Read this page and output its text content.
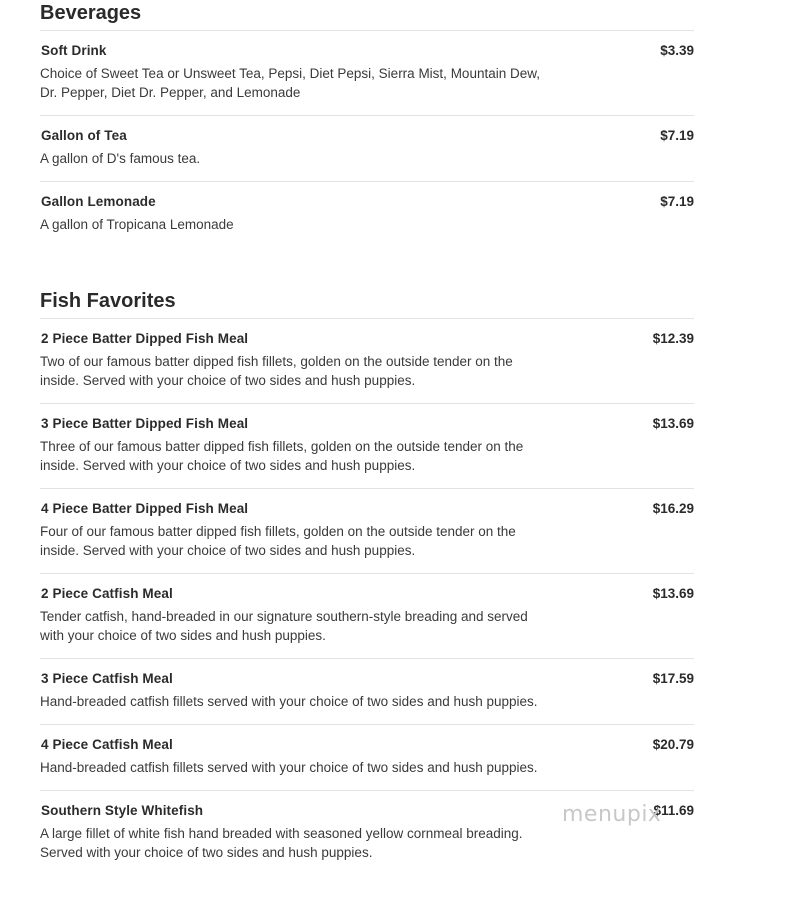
Beverages
Soft Drink	$3.39
Choice of Sweet Tea or Unsweet Tea, Pepsi, Diet Pepsi, Sierra Mist, Mountain Dew, Dr. Pepper, Diet Dr. Pepper, and Lemonade
Gallon of Tea	$7.19
A gallon of D's famous tea.
Gallon Lemonade	$7.19
A gallon of Tropicana Lemonade
Fish Favorites
2 Piece Batter Dipped Fish Meal	$12.39
Two of our famous batter dipped fish fillets, golden on the outside tender on the inside. Served with your choice of two sides and hush puppies.
3 Piece Batter Dipped Fish Meal	$13.69
Three of our famous batter dipped fish fillets, golden on the outside tender on the inside. Served with your choice of two sides and hush puppies.
4 Piece Batter Dipped Fish Meal	$16.29
Four of our famous batter dipped fish fillets, golden on the outside tender on the inside. Served with your choice of two sides and hush puppies.
2 Piece Catfish Meal	$13.69
Tender catfish, hand-breaded in our signature southern-style breading and served with your choice of two sides and hush puppies.
3 Piece Catfish Meal	$17.59
Hand-breaded catfish fillets served with your choice of two sides and hush puppies.
4 Piece Catfish Meal	$20.79
Hand-breaded catfish fillets served with your choice of two sides and hush puppies.
Southern Style Whitefish	$11.69
A large fillet of white fish hand breaded with seasoned yellow cornmeal breading. Served with your choice of two sides and hush puppies.
menupix
